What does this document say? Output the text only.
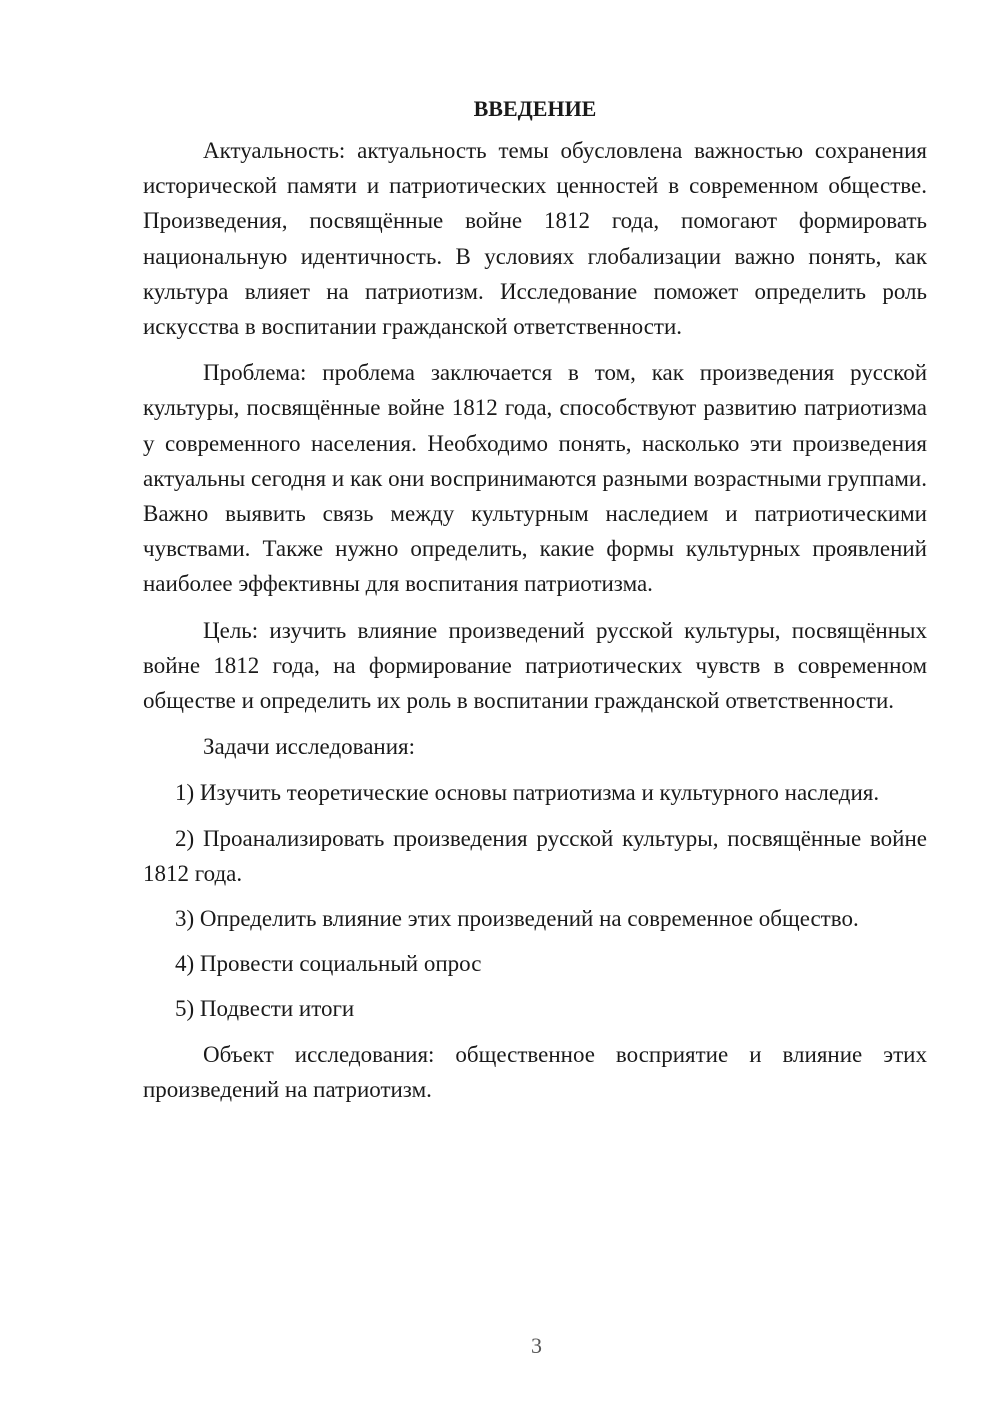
ВВЕДЕНИЕ

Актуальность: актуальность темы обусловлена важностью сохранения исторической памяти и патриотических ценностей в современном обществе. Произведения, посвящённые войне 1812 года, помогают формировать национальную идентичность. В условиях глобализации важно понять, как культура влияет на патриотизм. Исследование поможет определить роль искусства в воспитании гражданской ответственности.

Проблема: проблема заключается в том, как произведения русской культуры, посвящённые войне 1812 года, способствуют развитию патриотизма у современного населения. Необходимо понять, насколько эти произведения актуальны сегодня и как они воспринимаются разными возрастными группами. Важно выявить связь между культурным наследием и патриотическими чувствами. Также нужно определить, какие формы культурных проявлений наиболее эффективны для воспитания патриотизма.

Цель: изучить влияние произведений русской культуры, посвящённых войне 1812 года, на формирование патриотических чувств в современном обществе и определить их роль в воспитании гражданской ответственности.

Задачи исследования:

1) Изучить теоретические основы патриотизма и культурного наследия.

2) Проанализировать произведения русской культуры, посвящённые войне 1812 года.

3) Определить влияние этих произведений на современное общество.

4) Провести социальный опрос

5) Подвести итоги

Объект исследования: общественное восприятие и влияние этих произведений на патриотизм.

3
